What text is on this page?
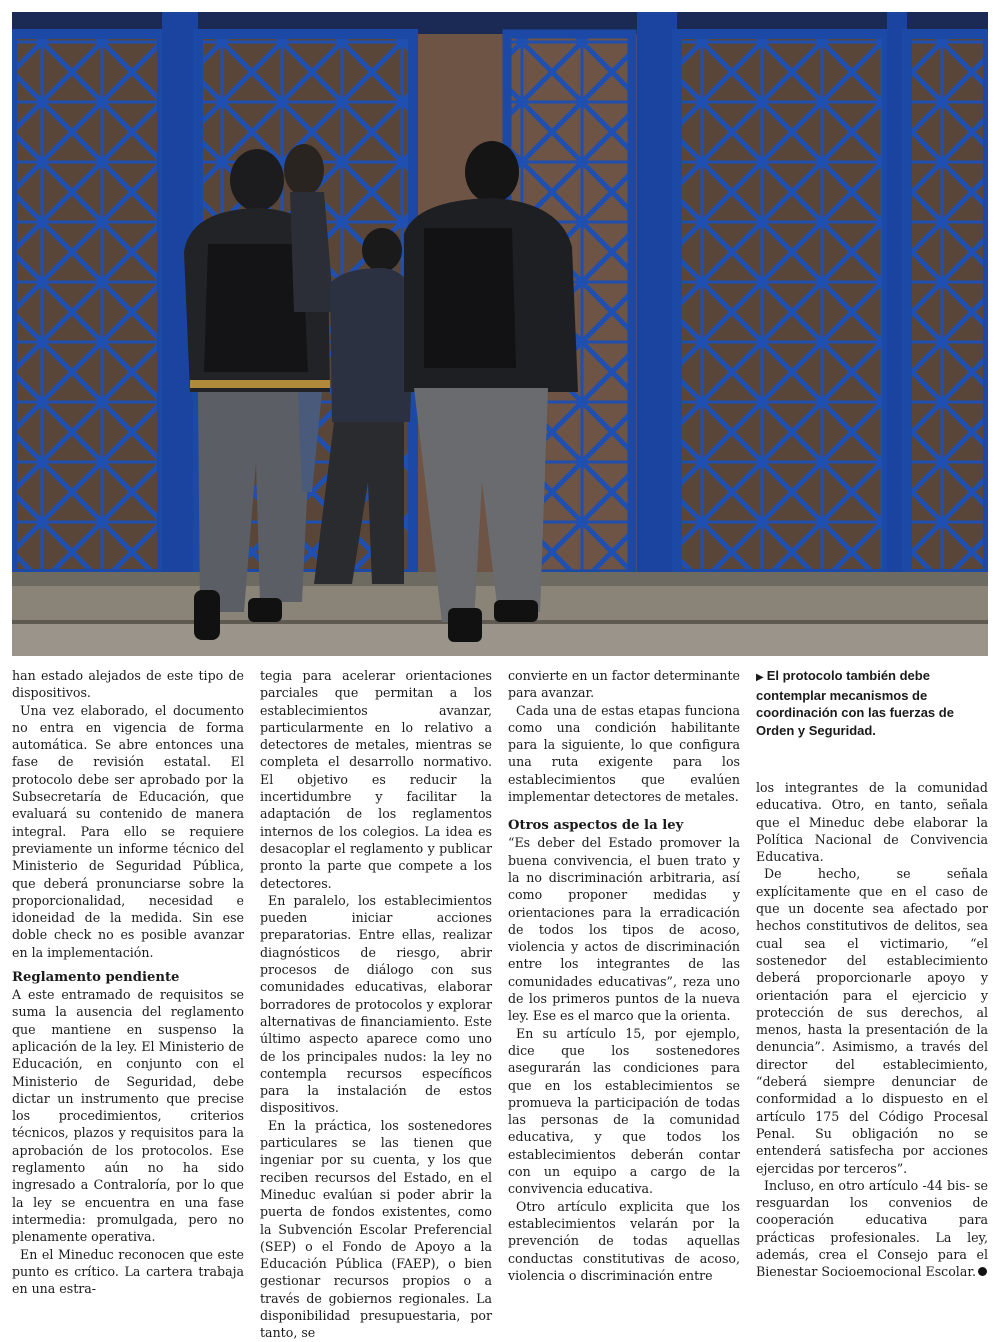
han estado alejados de este tipo de dispositivos.

Una vez elaborado, el documento no entra en vigencia de forma automática. Se abre entonces una fase de revisión estatal. El protocolo debe ser aprobado por la Subsecretaría de Educación, que evaluará su contenido de manera integral. Para ello se requiere previamente un informe técnico del Ministerio de Seguridad Pública, que deberá pronunciarse sobre la proporcionalidad, necesidad e idoneidad de la medida. Sin ese doble check no es posible avanzar en la implementación.

Reglamento pendiente

A este entramado de requisitos se suma la ausencia del reglamento que mantiene en suspenso la aplicación de la ley. El Ministerio de Educación, en conjunto con el Ministerio de Seguridad, debe dictar un instrumento que precise los procedimientos, criterios técnicos, plazos y requisitos para la aprobación de los protocolos. Ese reglamento aún no ha sido ingresado a Contraloría, por lo que la ley se encuentra en una fase intermedia: promulgada, pero no plenamente operativa.

En el Mineduc reconocen que este punto es crítico. La cartera trabaja en una estra-

tegia para acelerar orientaciones parciales que permitan a los establecimientos avanzar, particularmente en lo relativo a detectores de metales, mientras se completa el desarrollo normativo. El objetivo es reducir la incertidumbre y facilitar la adaptación de los reglamentos internos de los colegios. La idea es desacoplar el reglamento y publicar pronto la parte que compete a los detectores.

En paralelo, los establecimientos pueden iniciar acciones preparatorias. Entre ellas, realizar diagnósticos de riesgo, abrir procesos de diálogo con sus comunidades educativas, elaborar borradores de protocolos y explorar alternativas de financiamiento. Este último aspecto aparece como uno de los principales nudos: la ley no contempla recursos específicos para la instalación de estos dispositivos.

En la práctica, los sostenedores particulares se las tienen que ingeniar por su cuenta, y los que reciben recursos del Estado, en el Mineduc evalúan si poder abrir la puerta de fondos existentes, como la Subvención Escolar Preferencial (SEP) o el Fondo de Apoyo a la Educación Pública (FAEP), o bien gestionar recursos propios o a través de gobiernos regionales. La disponibilidad presupuestaria, por tanto, se

convierte en un factor determinante para avanzar.

Cada una de estas etapas funciona como una condición habilitante para la siguiente, lo que configura una ruta exigente para los establecimientos que evalúen implementar detectores de metales.

Otros aspectos de la ley

“Es deber del Estado promover la buena convivencia, el buen trato y la no discriminación arbitraria, así como proponer medidas y orientaciones para la erradicación de todos los tipos de acoso, violencia y actos de discriminación entre los integrantes de las comunidades educativas”, reza uno de los primeros puntos de la nueva ley. Ese es el marco que la orienta.

En su artículo 15, por ejemplo, dice que los sostenedores asegurarán las condiciones para que en los establecimientos se promueva la participación de todas las personas de la comunidad educativa, y que todos los establecimientos deberán contar con un equipo a cargo de la convivencia educativa.

Otro artículo explicita que los establecimientos velarán por la prevención de todas aquellas conductas constitutivas de acoso, violencia o discriminación entre

▶ El protocolo también debe contemplar mecanismos de coordinación con las fuerzas de Orden y Seguridad.

los integrantes de la comunidad educativa. Otro, en tanto, señala que el Mineduc debe elaborar la Política Nacional de Convivencia Educativa.

De hecho, se señala explícitamente que en el caso de que un docente sea afectado por hechos constitutivos de delitos, sea cual sea el victimario, “el sostenedor del establecimiento deberá proporcionarle apoyo y orientación para el ejercicio y protección de sus derechos, al menos, hasta la presentación de la denuncia”. Asimismo, a través del director del establecimiento, “deberá siempre denunciar de conformidad a lo dispuesto en el artículo 175 del Código Procesal Penal. Su obligación no se entenderá satisfecha por acciones ejercidas por terceros”.

Incluso, en otro artículo -44 bis- se resguardan los convenios de cooperación educativa para prácticas profesionales. La ley, además, crea el Consejo para el Bienestar Socioemocional Escolar.
